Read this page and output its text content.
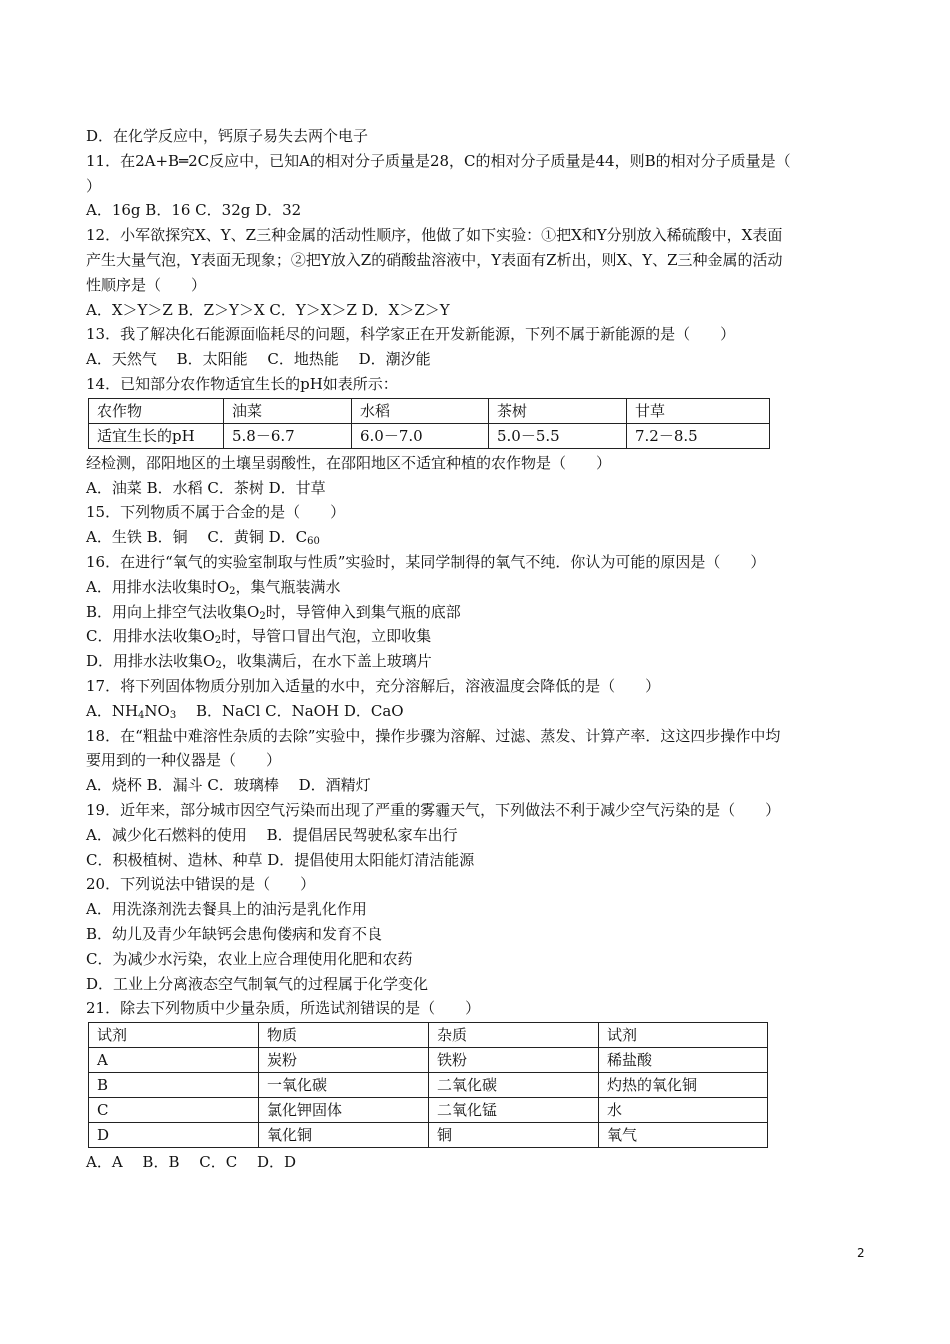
D．在化学反应中，钙原子易失去两个电子
11．在2A+B═2C反应中，已知A的相对分子质量是28，C的相对分子质量是44，则B的相对分子质量是（
）
A．16g B．16 C．32g D．32
12．小军欲探究X、Y、Z三种金属的活动性顺序，他做了如下实验：①把X和Y分别放入稀硫酸中，X表面
产生大量气泡，Y表面无现象；②把Y放入Z的硝酸盐溶液中，Y表面有Z析出，则X、Y、Z三种金属的活动
性顺序是（　　）
A．X＞Y＞Z B．Z＞Y＞X C．Y＞X＞Z D．X＞Z＞Y
13．我了解决化石能源面临耗尽的问题，科学家正在开发新能源，下列不属于新能源的是（　　）
A．天然气　 B．太阳能　 C．地热能　 D．潮汐能
14．已知部分农作物适宜生长的pH如表所示：
农作物	油菜	水稻	茶树	甘草
适宜生长的pH	5.8－6.7	6.0－7.0	5.0－5.5	7.2－8.5
经检测，邵阳地区的土壤呈弱酸性，在邵阳地区不适宜种植的农作物是（　　）
A．油菜 B．水稻 C．茶树 D．甘草
15．下列物质不属于合金的是（　　）
A．生铁 B．铜　 C．黄铜 D．$C_{60}$
16．在进行“氧气的实验室制取与性质”实验时，某同学制得的氧气不纯．你认为可能的原因是（　　）
A．用排水法收集时$O_2$，集气瓶装满水
B．用向上排空气法收集$O_2$时，导管伸入到集气瓶的底部
C．用排水法收集$O_2$时，导管口冒出气泡，立即收集
D．用排水法收集$O_2$，收集满后，在水下盖上玻璃片
17．将下列固体物质分别加入适量的水中，充分溶解后，溶液温度会降低的是（　　）
A．$NH_4NO_3$　 B．NaCl C．NaOH D．CaO
18．在“粗盐中难溶性杂质的去除”实验中，操作步骤为溶解、过滤、蒸发、计算产率．这这四步操作中均
要用到的一种仪器是（　　）
A．烧杯 B．漏斗 C．玻璃棒　 D．酒精灯
19．近年来，部分城市因空气污染而出现了严重的雾霾天气，下列做法不利于减少空气污染的是（　　）
A．减少化石燃料的使用　 B．提倡居民驾驶私家车出行
C．积极植树、造林、种草 D．提倡使用太阳能灯清洁能源
20．下列说法中错误的是（　　）
A．用洗涤剂洗去餐具上的油污是乳化作用
B．幼儿及青少年缺钙会患佝偻病和发育不良
C．为减少水污染，农业上应合理使用化肥和农药
D．工业上分离液态空气制氧气的过程属于化学变化
21．除去下列物质中少量杂质，所选试剂错误的是（　　）
试剂	物质	杂质	试剂
A	炭粉	铁粉	稀盐酸
B	一氧化碳	二氧化碳	灼热的氧化铜
C	氯化钾固体	二氧化锰	水
D	氧化铜	铜	氧气
A．A　 B．B　 C．C　 D．D
2
